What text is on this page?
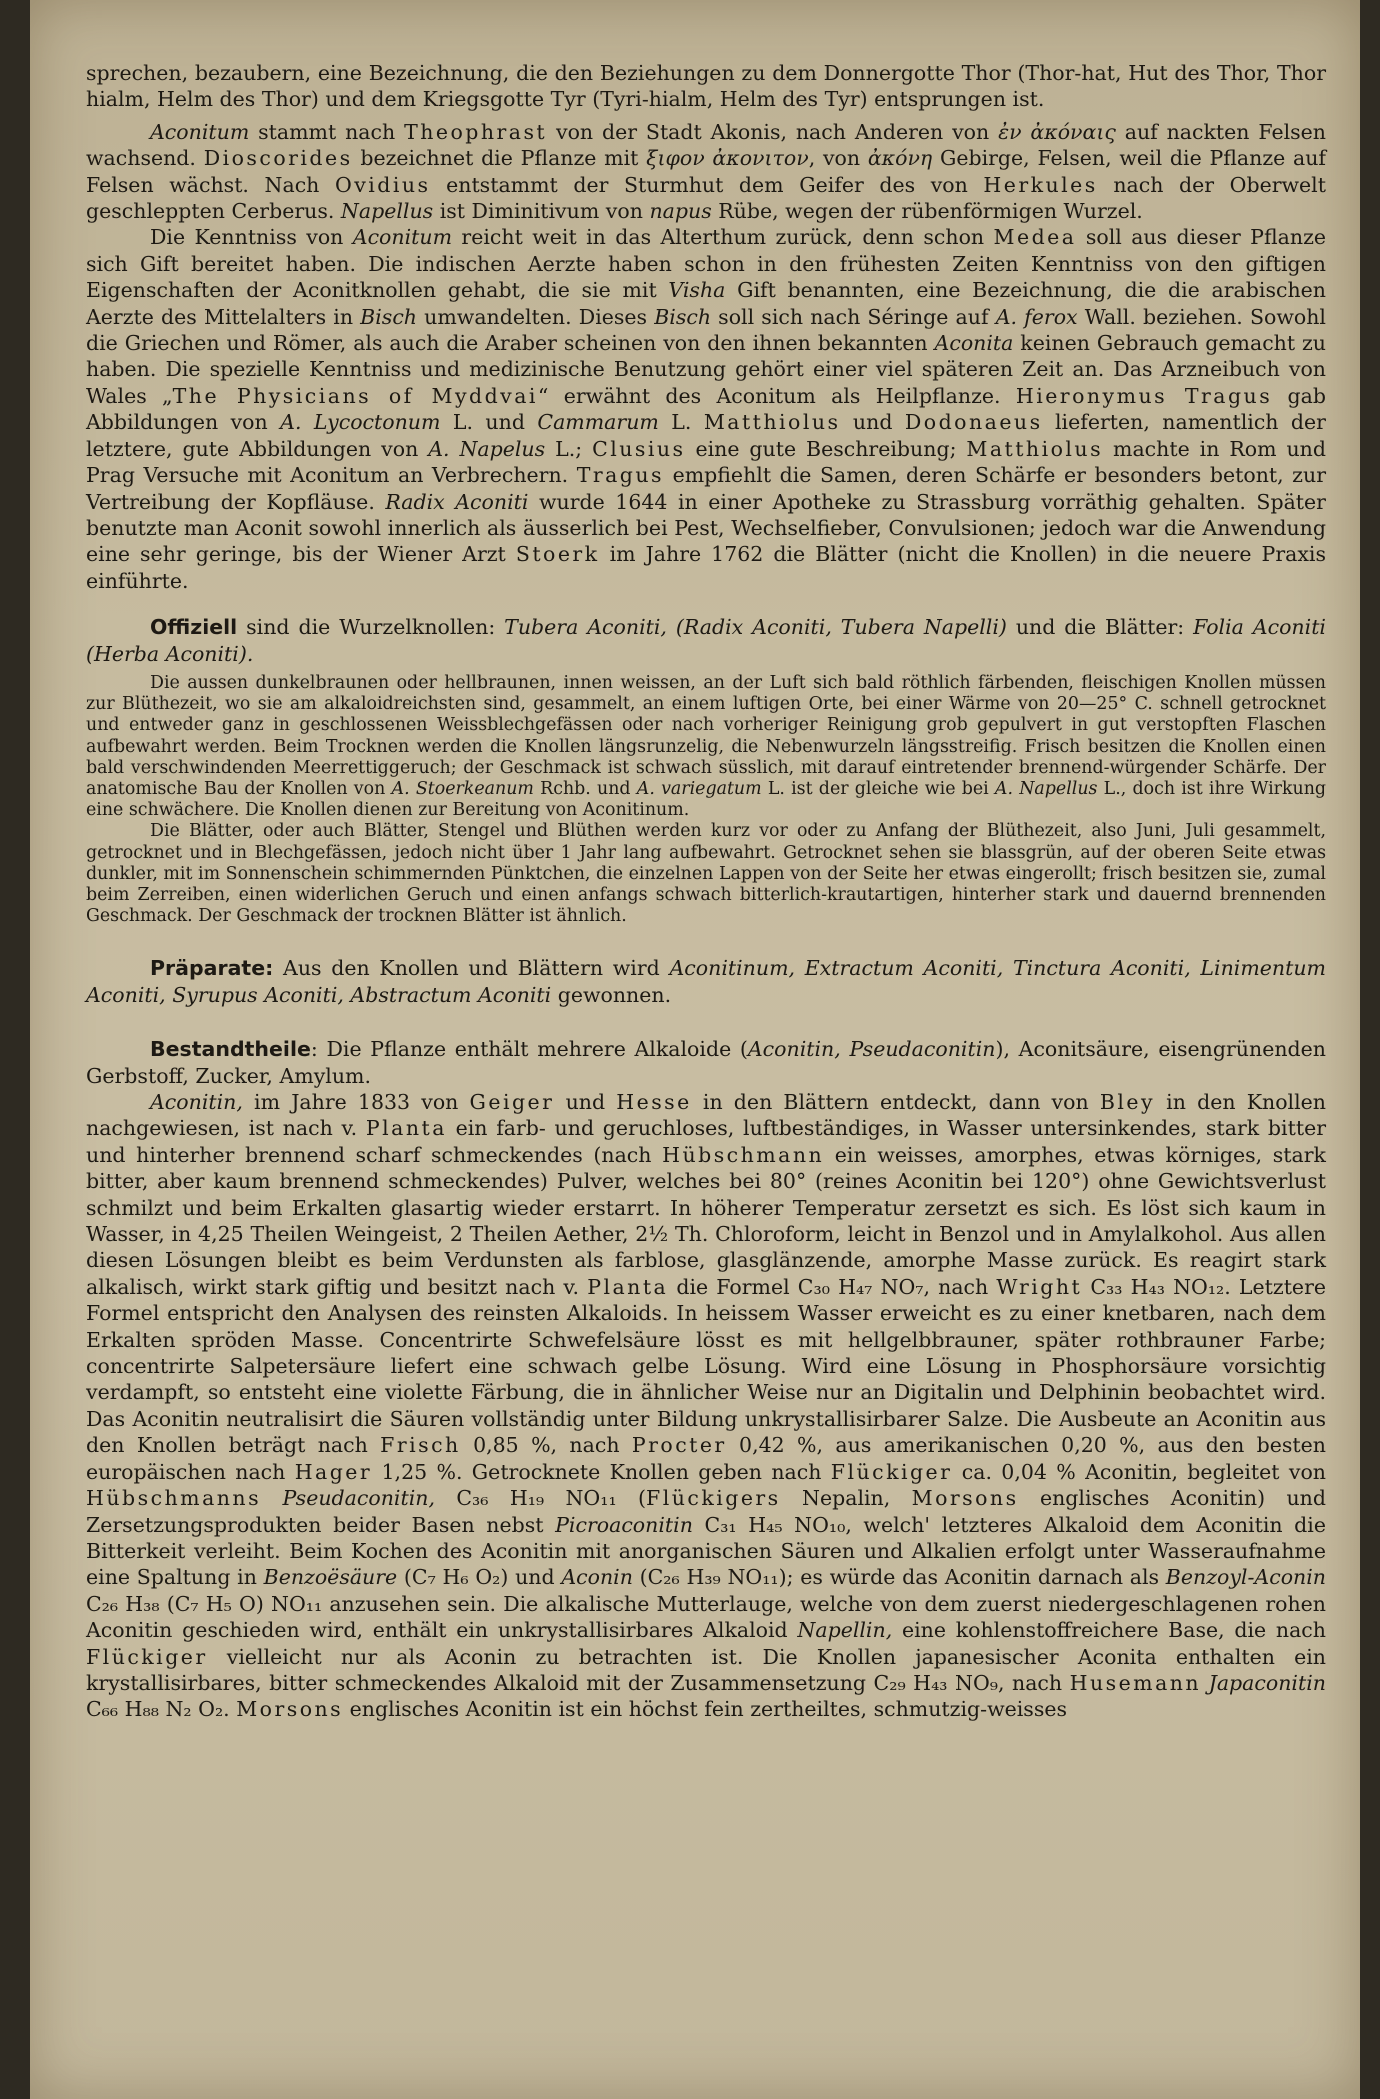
sprechen, bezaubern, eine Bezeichnung, die den Beziehungen zu dem Donnergotte Thor (Thor-hat, Hut des Thor, Thor hialm, Helm des Thor) und dem Kriegsgotte Tyr (Tyri-hialm, Helm des Tyr) entsprungen ist.

Aconitum stammt nach Theophrast von der Stadt Akonis, nach Anderen von ἐν ἀκόναις auf nackten Felsen wachsend. Dioscorides bezeichnet die Pflanze mit ξιφον ἀκονιτον, von ἀκόνη Gebirge, Felsen, weil die Pflanze auf Felsen wächst. Nach Ovidius entstammt der Sturmhut dem Geifer des von Herkules nach der Oberwelt geschleppten Cerberus. Napellus ist Diminitivum von napus Rübe, wegen der rübenförmigen Wurzel.

Die Kenntniss von Aconitum reicht weit in das Alterthum zurück, denn schon Medea soll aus dieser Pflanze sich Gift bereitet haben. Die indischen Aerzte haben schon in den frühesten Zeiten Kenntniss von den giftigen Eigenschaften der Aconitknollen gehabt, die sie mit Visha Gift benannten, eine Bezeichnung, die die arabischen Aerzte des Mittelalters in Bisch umwandelten. Dieses Bisch soll sich nach Séringe auf A. ferox Wall. beziehen. Sowohl die Griechen und Römer, als auch die Araber scheinen von den ihnen bekannten Aconita keinen Gebrauch gemacht zu haben. Die spezielle Kenntniss und medizinische Benutzung gehört einer viel späteren Zeit an. Das Arzneibuch von Wales „The Physicians of Myddvai“ erwähnt des Aconitum als Heilpflanze. Hieronymus Tragus gab Abbildungen von A. Lycoctonum L. und Cammarum L. Matthiolus und Dodonaeus lieferten, namentlich der letztere, gute Abbildungen von A. Napelus L.; Clusius eine gute Beschreibung; Matthiolus machte in Rom und Prag Versuche mit Aconitum an Verbrechern. Tragus empfiehlt die Samen, deren Schärfe er besonders betont, zur Vertreibung der Kopfläuse. Radix Aconiti wurde 1644 in einer Apotheke zu Strassburg vorräthig gehalten. Später benutzte man Aconit sowohl innerlich als äusserlich bei Pest, Wechselfieber, Convulsionen; jedoch war die Anwendung eine sehr geringe, bis der Wiener Arzt Stoerk im Jahre 1762 die Blätter (nicht die Knollen) in die neuere Praxis einführte.

Offiziell sind die Wurzelknollen: Tubera Aconiti, (Radix Aconiti, Tubera Napelli) und die Blätter: Folia Aconiti (Herba Aconiti).

Die aussen dunkelbraunen oder hellbraunen, innen weissen, an der Luft sich bald röthlich färbenden, fleischigen Knollen müssen zur Blüthezeit, wo sie am alkaloidreichsten sind, gesammelt, an einem luftigen Orte, bei einer Wärme von 20—25° C. schnell getrocknet und entweder ganz in geschlossenen Weissblechgefässen oder nach vorheriger Reinigung grob gepulvert in gut verstopften Flaschen aufbewahrt werden. Beim Trocknen werden die Knollen längsrunzelig, die Nebenwurzeln längsstreifig. Frisch besitzen die Knollen einen bald verschwindenden Meerrettiggeruch; der Geschmack ist schwach süsslich, mit darauf eintretender brennend-würgender Schärfe. Der anatomische Bau der Knollen von A. Stoerkeanum Rchb. und A. variegatum L. ist der gleiche wie bei A. Napellus L., doch ist ihre Wirkung eine schwächere. Die Knollen dienen zur Bereitung von Aconitinum.

Die Blätter, oder auch Blätter, Stengel und Blüthen werden kurz vor oder zu Anfang der Blüthezeit, also Juni, Juli gesammelt, getrocknet und in Blechgefässen, jedoch nicht über 1 Jahr lang aufbewahrt. Getrocknet sehen sie blassgrün, auf der oberen Seite etwas dunkler, mit im Sonnenschein schimmernden Pünktchen, die einzelnen Lappen von der Seite her etwas eingerollt; frisch besitzen sie, zumal beim Zerreiben, einen widerlichen Geruch und einen anfangs schwach bitterlich-krautartigen, hinterher stark und dauernd brennenden Geschmack. Der Geschmack der trocknen Blätter ist ähnlich.

Präparate: Aus den Knollen und Blättern wird Aconitinum, Extractum Aconiti, Tinctura Aconiti, Linimentum Aconiti, Syrupus Aconiti, Abstractum Aconiti gewonnen.

Bestandtheile: Die Pflanze enthält mehrere Alkaloide (Aconitin, Pseudaconitin), Aconitsäure, eisengrünenden Gerbstoff, Zucker, Amylum.

Aconitin, im Jahre 1833 von Geiger und Hesse in den Blättern entdeckt, dann von Bley in den Knollen nachgewiesen, ist nach v. Planta ein farb- und geruchloses, luftbeständiges, in Wasser untersinkendes, stark bitter und hinterher brennend scharf schmeckendes (nach Hübschmann ein weisses, amorphes, etwas körniges, stark bitter, aber kaum brennend schmeckendes) Pulver, welches bei 80° (reines Aconitin bei 120°) ohne Gewichtsverlust schmilzt und beim Erkalten glasartig wieder erstarrt. In höherer Temperatur zersetzt es sich. Es löst sich kaum in Wasser, in 4,25 Theilen Weingeist, 2 Theilen Aether, 2½ Th. Chloroform, leicht in Benzol und in Amylalkohol. Aus allen diesen Lösungen bleibt es beim Verdunsten als farblose, glasglänzende, amorphe Masse zurück. Es reagirt stark alkalisch, wirkt stark giftig und besitzt nach v. Planta die Formel C₃₀ H₄₇ NO₇, nach Wright C₃₃ H₄₃ NO₁₂. Letztere Formel entspricht den Analysen des reinsten Alkaloids. In heissem Wasser erweicht es zu einer knetbaren, nach dem Erkalten spröden Masse. Concentrirte Schwefelsäure lösst es mit hellgelbbrauner, später rothbrauner Farbe; concentrirte Salpetersäure liefert eine schwach gelbe Lösung. Wird eine Lösung in Phosphorsäure vorsichtig verdampft, so entsteht eine violette Färbung, die in ähnlicher Weise nur an Digitalin und Delphinin beobachtet wird. Das Aconitin neutralisirt die Säuren vollständig unter Bildung unkrystallisirbarer Salze. Die Ausbeute an Aconitin aus den Knollen beträgt nach Frisch 0,85 %, nach Procter 0,42 %, aus amerikanischen 0,20 %, aus den besten europäischen nach Hager 1,25 %. Getrocknete Knollen geben nach Flückiger ca. 0,04 % Aconitin, begleitet von Hübschmanns Pseudaconitin, C₃₆ H₁₉ NO₁₁ (Flückigers Nepalin, Morsons englisches Aconitin) und Zersetzungsprodukten beider Basen nebst Picroaconitin C₃₁ H₄₅ NO₁₀, welch' letzteres Alkaloid dem Aconitin die Bitterkeit verleiht. Beim Kochen des Aconitin mit anorganischen Säuren und Alkalien erfolgt unter Wasseraufnahme eine Spaltung in Benzoësäure (C₇ H₆ O₂) und Aconin (C₂₆ H₃₉ NO₁₁); es würde das Aconitin darnach als Benzoyl-Aconin C₂₆ H₃₈ (C₇ H₅ O) NO₁₁ anzusehen sein. Die alkalische Mutterlauge, welche von dem zuerst niedergeschlagenen rohen Aconitin geschieden wird, enthält ein unkrystallisirbares Alkaloid Napellin, eine kohlenstoffreichere Base, die nach Flückiger vielleicht nur als Aconin zu betrachten ist. Die Knollen japanesischer Aconita enthalten ein krystallisirbares, bitter schmeckendes Alkaloid mit der Zusammensetzung C₂₉ H₄₃ NO₉, nach Husemann Japaconitin C₆₆ H₈₈ N₂ O₂. Morsons englisches Aconitin ist ein höchst fein zertheiltes, schmutzig-weisses
